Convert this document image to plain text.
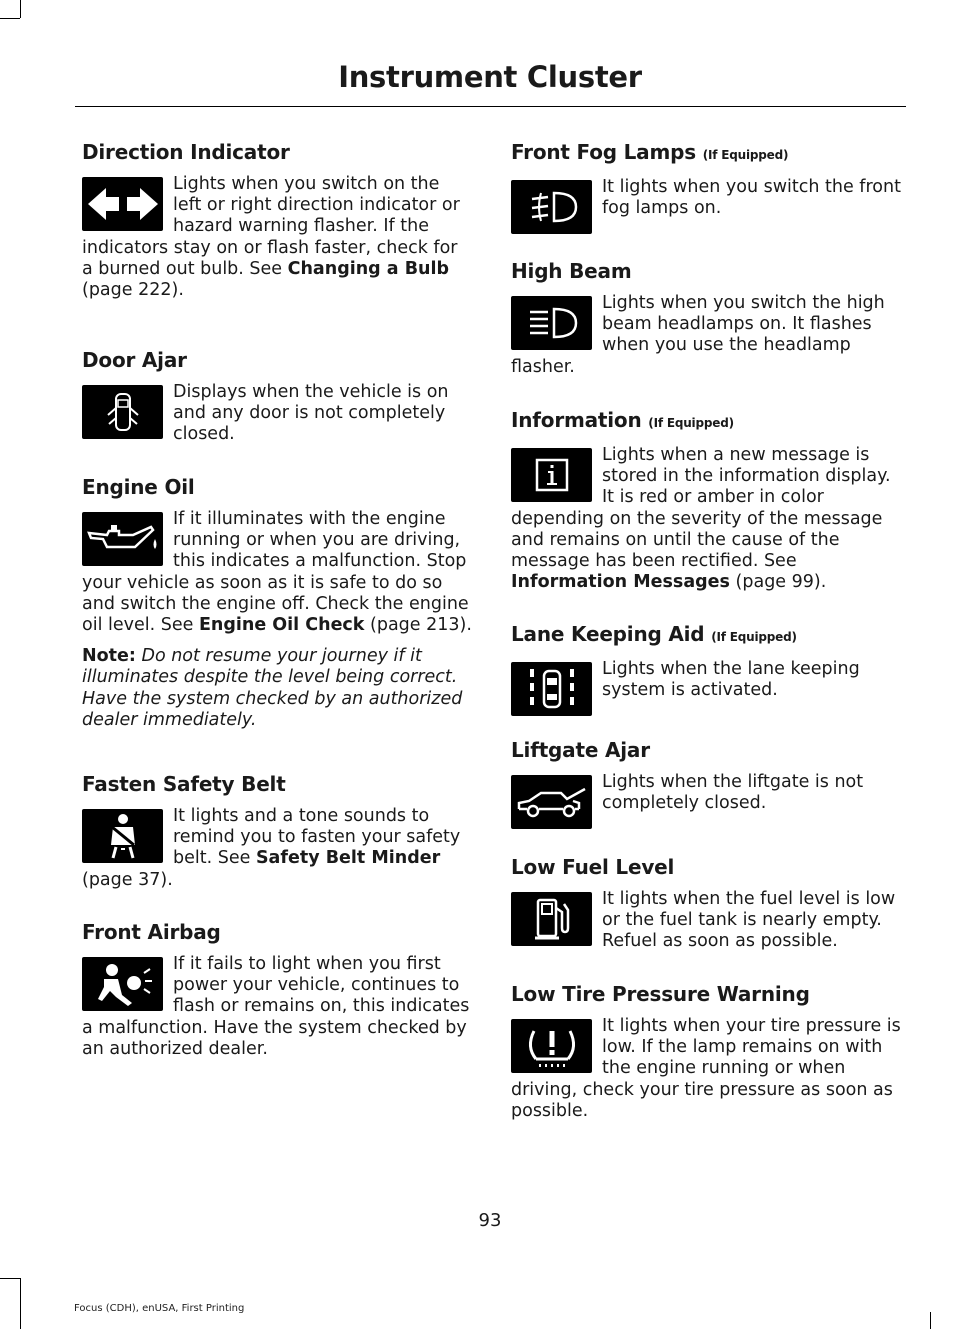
Instrument Cluster
Direction Indicator
Lights when you switch on the left or right direction indicator or hazard warning flasher. If the indicators stay on or flash faster, check for a burned out bulb. See Changing a Bulb (page 222).
Door Ajar
Displays when the vehicle is on and any door is not completely closed.
Engine Oil
If it illuminates with the engine running or when you are driving, this indicates a malfunction. Stop your vehicle as soon as it is safe to do so and switch the engine off. Check the engine oil level. See Engine Oil Check (page 213).
Note: Do not resume your journey if it illuminates despite the level being correct. Have the system checked by an authorized dealer immediately.
Fasten Safety Belt
It lights and a tone sounds to remind you to fasten your safety belt. See Safety Belt Minder (page 37).
Front Airbag
If it fails to light when you first power your vehicle, continues to flash or remains on, this indicates a malfunction. Have the system checked by an authorized dealer.
Front Fog Lamps (If Equipped)
It lights when you switch the front fog lamps on.
High Beam
Lights when you switch the high beam headlamps on. It flashes when you use the headlamp flasher.
Information (If Equipped)
Lights when a new message is stored in the information display. It is red or amber in color depending on the severity of the message and remains on until the cause of the message has been rectified. See Information Messages (page 99).
Lane Keeping Aid (If Equipped)
Lights when the lane keeping system is activated.
Liftgate Ajar
Lights when the liftgate is not completely closed.
Low Fuel Level
It lights when the fuel level is low or the fuel tank is nearly empty. Refuel as soon as possible.
Low Tire Pressure Warning
It lights when your tire pressure is low. If the lamp remains on with the engine running or when driving, check your tire pressure as soon as possible.
93
Focus (CDH), enUSA, First Printing
